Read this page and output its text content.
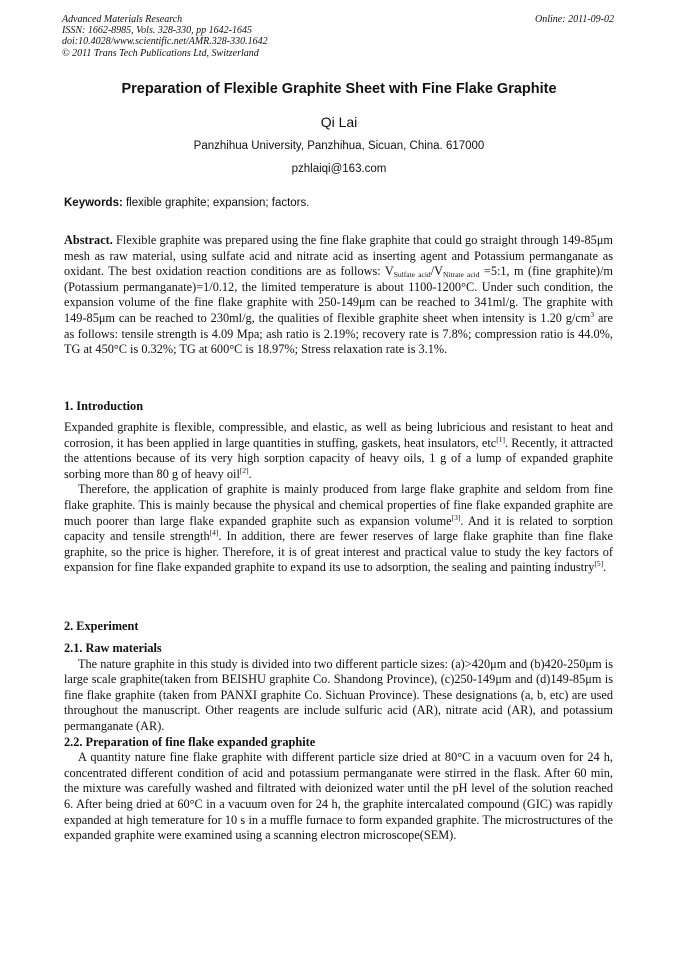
Advanced Materials Research
ISSN: 1662-8985, Vols. 328-330, pp 1642-1645
doi:10.4028/www.scientific.net/AMR.328-330.1642
© 2011 Trans Tech Publications Ltd, Switzerland
Online: 2011-09-02
Preparation of Flexible Graphite Sheet with Fine Flake Graphite
Qi Lai
Panzhihua University, Panzhihua, Sicuan, China. 617000
pzhlaiqi@163.com
Keywords: flexible graphite; expansion; factors.

Abstract. Flexible graphite was prepared using the fine flake graphite that could go straight through 149-85μm mesh as raw material, using sulfate acid and nitrate acid as inserting agent and Potassium permanganate as oxidant. The best oxidation reaction conditions are as follows: $V_{Sulfate acid}/V_{Nitrate acid}$ =5:1, m (fine graphite)/m (Potassium permanganate)=1/0.12, the limited temperature is about 1100-1200°C. Under such condition, the expansion volume of the fine flake graphite with 250-149μm can be reached to 341ml/g. The graphite with 149-85μm can be reached to 230ml/g, the qualities of flexible graphite sheet when intensity is 1.20 $g/cm^3$ are as follows: tensile strength is 4.09 Mpa; ash ratio is 2.19%; recovery rate is 7.8%; compression ratio is 44.0%, TG at 450°C is 0.32%; TG at 600°C is 18.97%; Stress relaxation rate is 3.1%.

1. Introduction

Expanded graphite is flexible, compressible, and elastic, as well as being lubricious and resistant to heat and corrosion, it has been applied in large quantities in stuffing, gaskets, heat insulators, etc[1]. Recently, it attracted the attentions because of its very high sorption capacity of heavy oils, 1 g of a lump of expanded graphite sorbing more than 80 g of heavy oil[2].

Therefore, the application of graphite is mainly produced from large flake graphite and seldom from fine flake graphite. This is mainly because the physical and chemical properties of fine flake expanded graphite are much poorer than large flake expanded graphite such as expansion volume[3]. And it is related to sorption capacity and tensile strength[4]. In addition, there are fewer reserves of large flake graphite than fine flake graphite, so the price is higher. Therefore, it is of great interest and practical value to study the key factors of expansion for fine flake expanded graphite to expand its use to adsorption, the sealing and painting industry[5].

2. Experiment

2.1. Raw materials

The nature graphite in this study is divided into two different particle sizes: (a)>420μm and (b)420-250μm is large scale graphite(taken from BEISHU graphite Co. Shandong Province), (c)250-149μm and (d)149-85μm is fine flake graphite (taken from PANXI graphite Co. Sichuan Province). These designations (a, b, etc) are used throughout the manuscript. Other reagents are include sulfuric acid (AR), nitrate acid (AR), and potassium permanganate (AR).

2.2. Preparation of fine flake expanded graphite

A quantity nature fine flake graphite with different particle size dried at 80°C in a vacuum oven for 24 h, concentrated different condition of acid and potassium permanganate were stirred in the flask. After 60 min, the mixture was carefully washed and filtrated with deionized water until the pH level of the solution reached 6. After being dried at 60°C in a vacuum oven for 24 h, the graphite intercalated compound (GIC) was rapidly expanded at high temerature for 10 s in a muffle furnace to form expanded graphite. The microstructures of the expanded graphite were examined using a scanning electron microscope(SEM).
